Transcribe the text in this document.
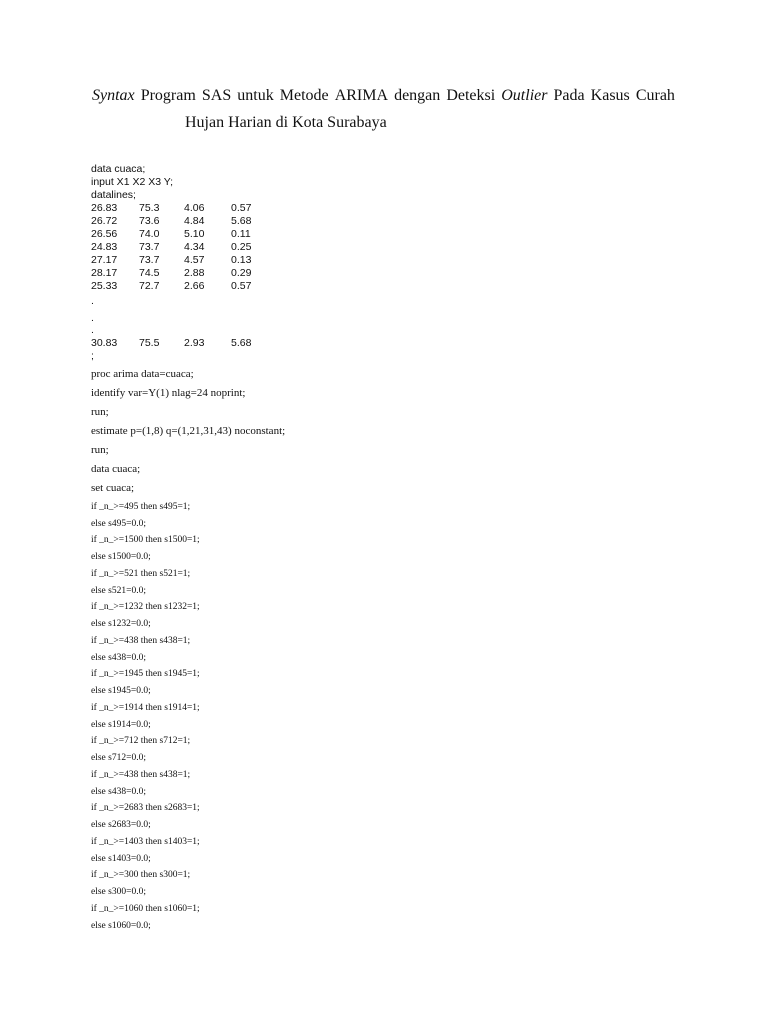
Syntax Program SAS untuk Metode ARIMA dengan Deteksi Outlier Pada Kasus Curah
Hujan Harian di Kota Surabaya
data cuaca;
input X1 X2 X3 Y;
datalines;
26.83 75.3 4.06	0.57
26.72 73.6 4.84	5.68
26.56 74.0 5.10	0.11
24.83 73.7 4.34	0.25
27.17 73.7 4.57	0.13
28.17 74.5 2.88	0.29
25.33 72.7 2.66	0.57
.
.
.
30.83 75.5 2.93	5.68
;
proc arima data=cuaca;
identify var=Y(1) nlag=24 noprint;
run;
estimate p=(1,8) q=(1,21,31,43) noconstant;
run;
data cuaca;
set cuaca;
if _n_>=495 then s495=1;
else s495=0.0;
if _n_>=1500 then s1500=1;
else s1500=0.0;
if _n_>=521 then s521=1;
else s521=0.0;
if _n_>=1232 then s1232=1;
else s1232=0.0;
if _n_>=438 then s438=1;
else s438=0.0;
if _n_>=1945 then s1945=1;
else s1945=0.0;
if _n_>=1914 then s1914=1;
else s1914=0.0;
if _n_>=712 then s712=1;
else s712=0.0;
if _n_>=438 then s438=1;
else s438=0.0;
if _n_>=2683 then s2683=1;
else s2683=0.0;
if _n_>=1403 then s1403=1;
else s1403=0.0;
if _n_>=300 then s300=1;
else s300=0.0;
if _n_>=1060 then s1060=1;
else s1060=0.0;
